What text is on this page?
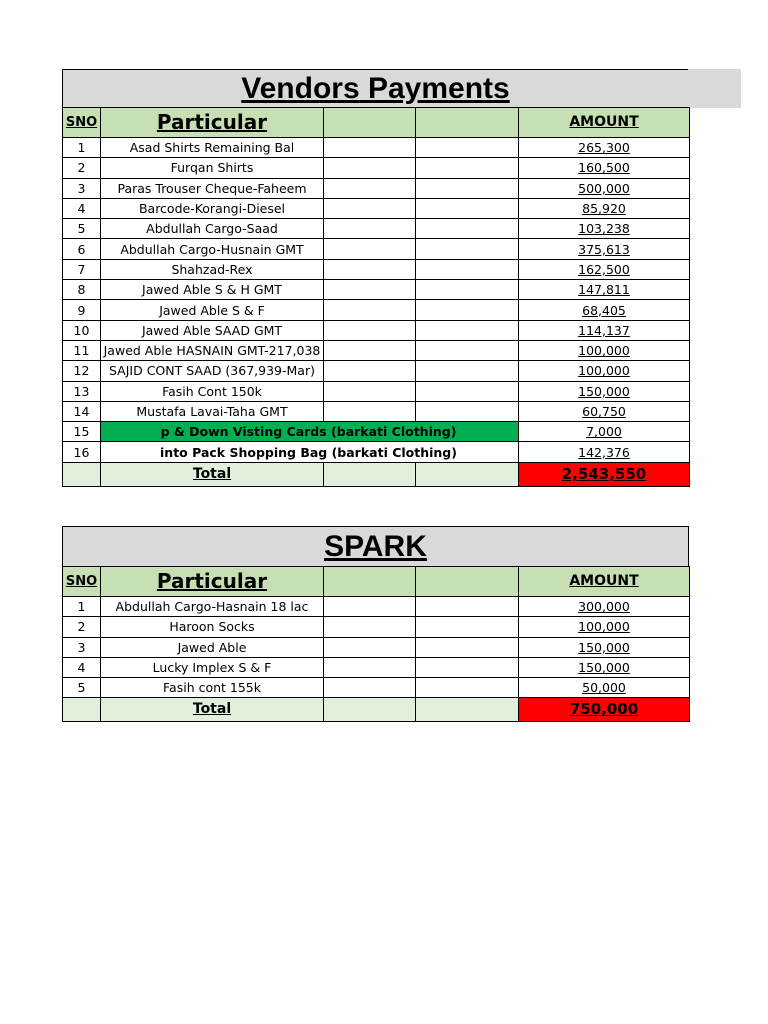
Vendors Payments
SNO	Particular			AMOUNT
1	Asad Shirts Remaining Bal			265,300
2	Furqan Shirts			160,500
3	Paras Trouser Cheque-Faheem			500,000
4	Barcode-Korangi-Diesel			85,920
5	Abdullah Cargo-Saad			103,238
6	Abdullah Cargo-Husnain GMT			375,613
7	Shahzad-Rex			162,500
8	Jawed Able S & H GMT			147,811
9	Jawed Able S & F			68,405
10	Jawed Able SAAD GMT			114,137
11	Jawed Able HASNAIN GMT-217,038			100,000
12	SAJID CONT SAAD (367,939-Mar)			100,000
13	Fasih Cont 150k			150,000
14	Mustafa Lavai-Taha GMT			60,750
15	p & Down Visting Cards (barkati Clothing)			7,000
16	into Pack Shopping Bag (barkati Clothing)			142,376
	Total			2,543,550
SPARK
SNO	Particular			AMOUNT
1	Abdullah Cargo-Hasnain 18 lac			300,000
2	Haroon Socks			100,000
3	Jawed Able			150,000
4	Lucky Implex S & F			150,000
5	Fasih cont 155k			50,000
	Total			750,000
